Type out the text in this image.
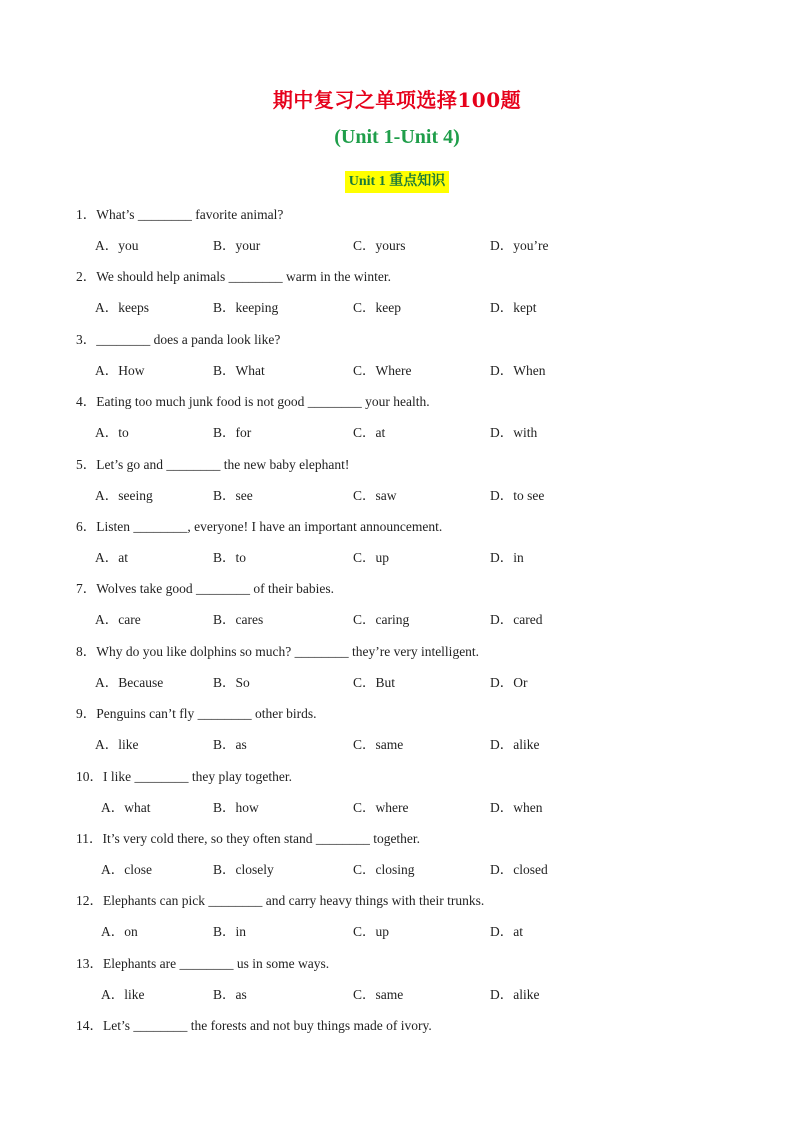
期中复习之单项选择100题
(Unit 1-Unit 4)
Unit 1 重点知识
1．What’s ________ favorite animal?
A．you	B．your	C．yours	D．you’re
2．We should help animals ________ warm in the winter.
A．keeps	B．keeping	C．keep	D．kept
3．________ does a panda look like?
A．How	B．What	C．Where	D．When
4．Eating too much junk food is not good ________ your health.
A．to	B．for	C．at	D．with
5．Let’s go and ________ the new baby elephant!
A．seeing	B．see	C．saw	D．to see
6．Listen ________, everyone! I have an important announcement.
A．at	B．to	C．up	D．in
7．Wolves take good ________ of their babies.
A．care	B．cares	C．caring	D．cared
8．Why do you like dolphins so much? ________ they’re very intelligent.
A．Because	B．So	C．But	D．Or
9．Penguins can’t fly ________ other birds.
A．like	B．as	C．same	D．alike
10．I like ________ they play together.
A．what	B．how	C．where	D．when
11．It’s very cold there, so they often stand ________ together.
A．close	B．closely	C．closing	D．closed
12．Elephants can pick ________ and carry heavy things with their trunks.
A．on	B．in	C．up	D．at
13．Elephants are ________ us in some ways.
A．like	B．as	C．same	D．alike
14．Let’s ________ the forests and not buy things made of ivory.
